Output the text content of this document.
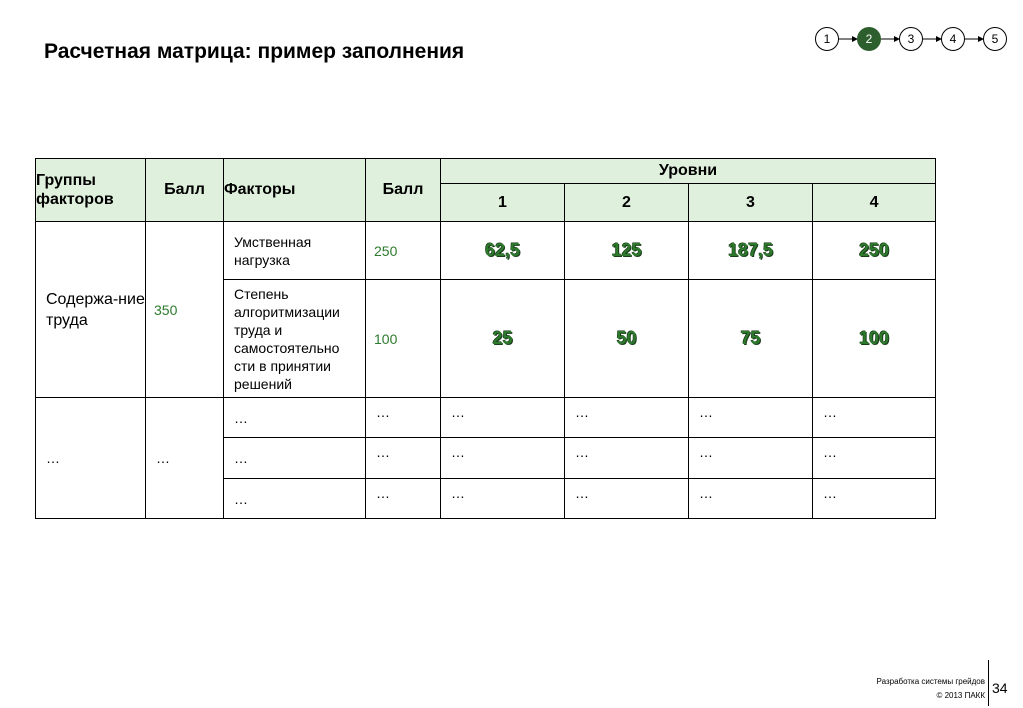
Расчетная матрица: пример заполнения
1	2	3	4	5
Группы факторов	Балл	Факторы	Балл	Уровни			
				1	2	3	4
Содержа-ние труда	350	Умственная нагрузка	250	62,5	125	187,5	250
		Степень алгоритмизации труда и самостоятельно сти в принятии решений	100	25	50	75	100
…	…	…	…	…	…	…	…
		…	…	…	…	…	…
		…	…	…	…	…	…
Разработка системы грейдов
© 2013 ПАКК 34
